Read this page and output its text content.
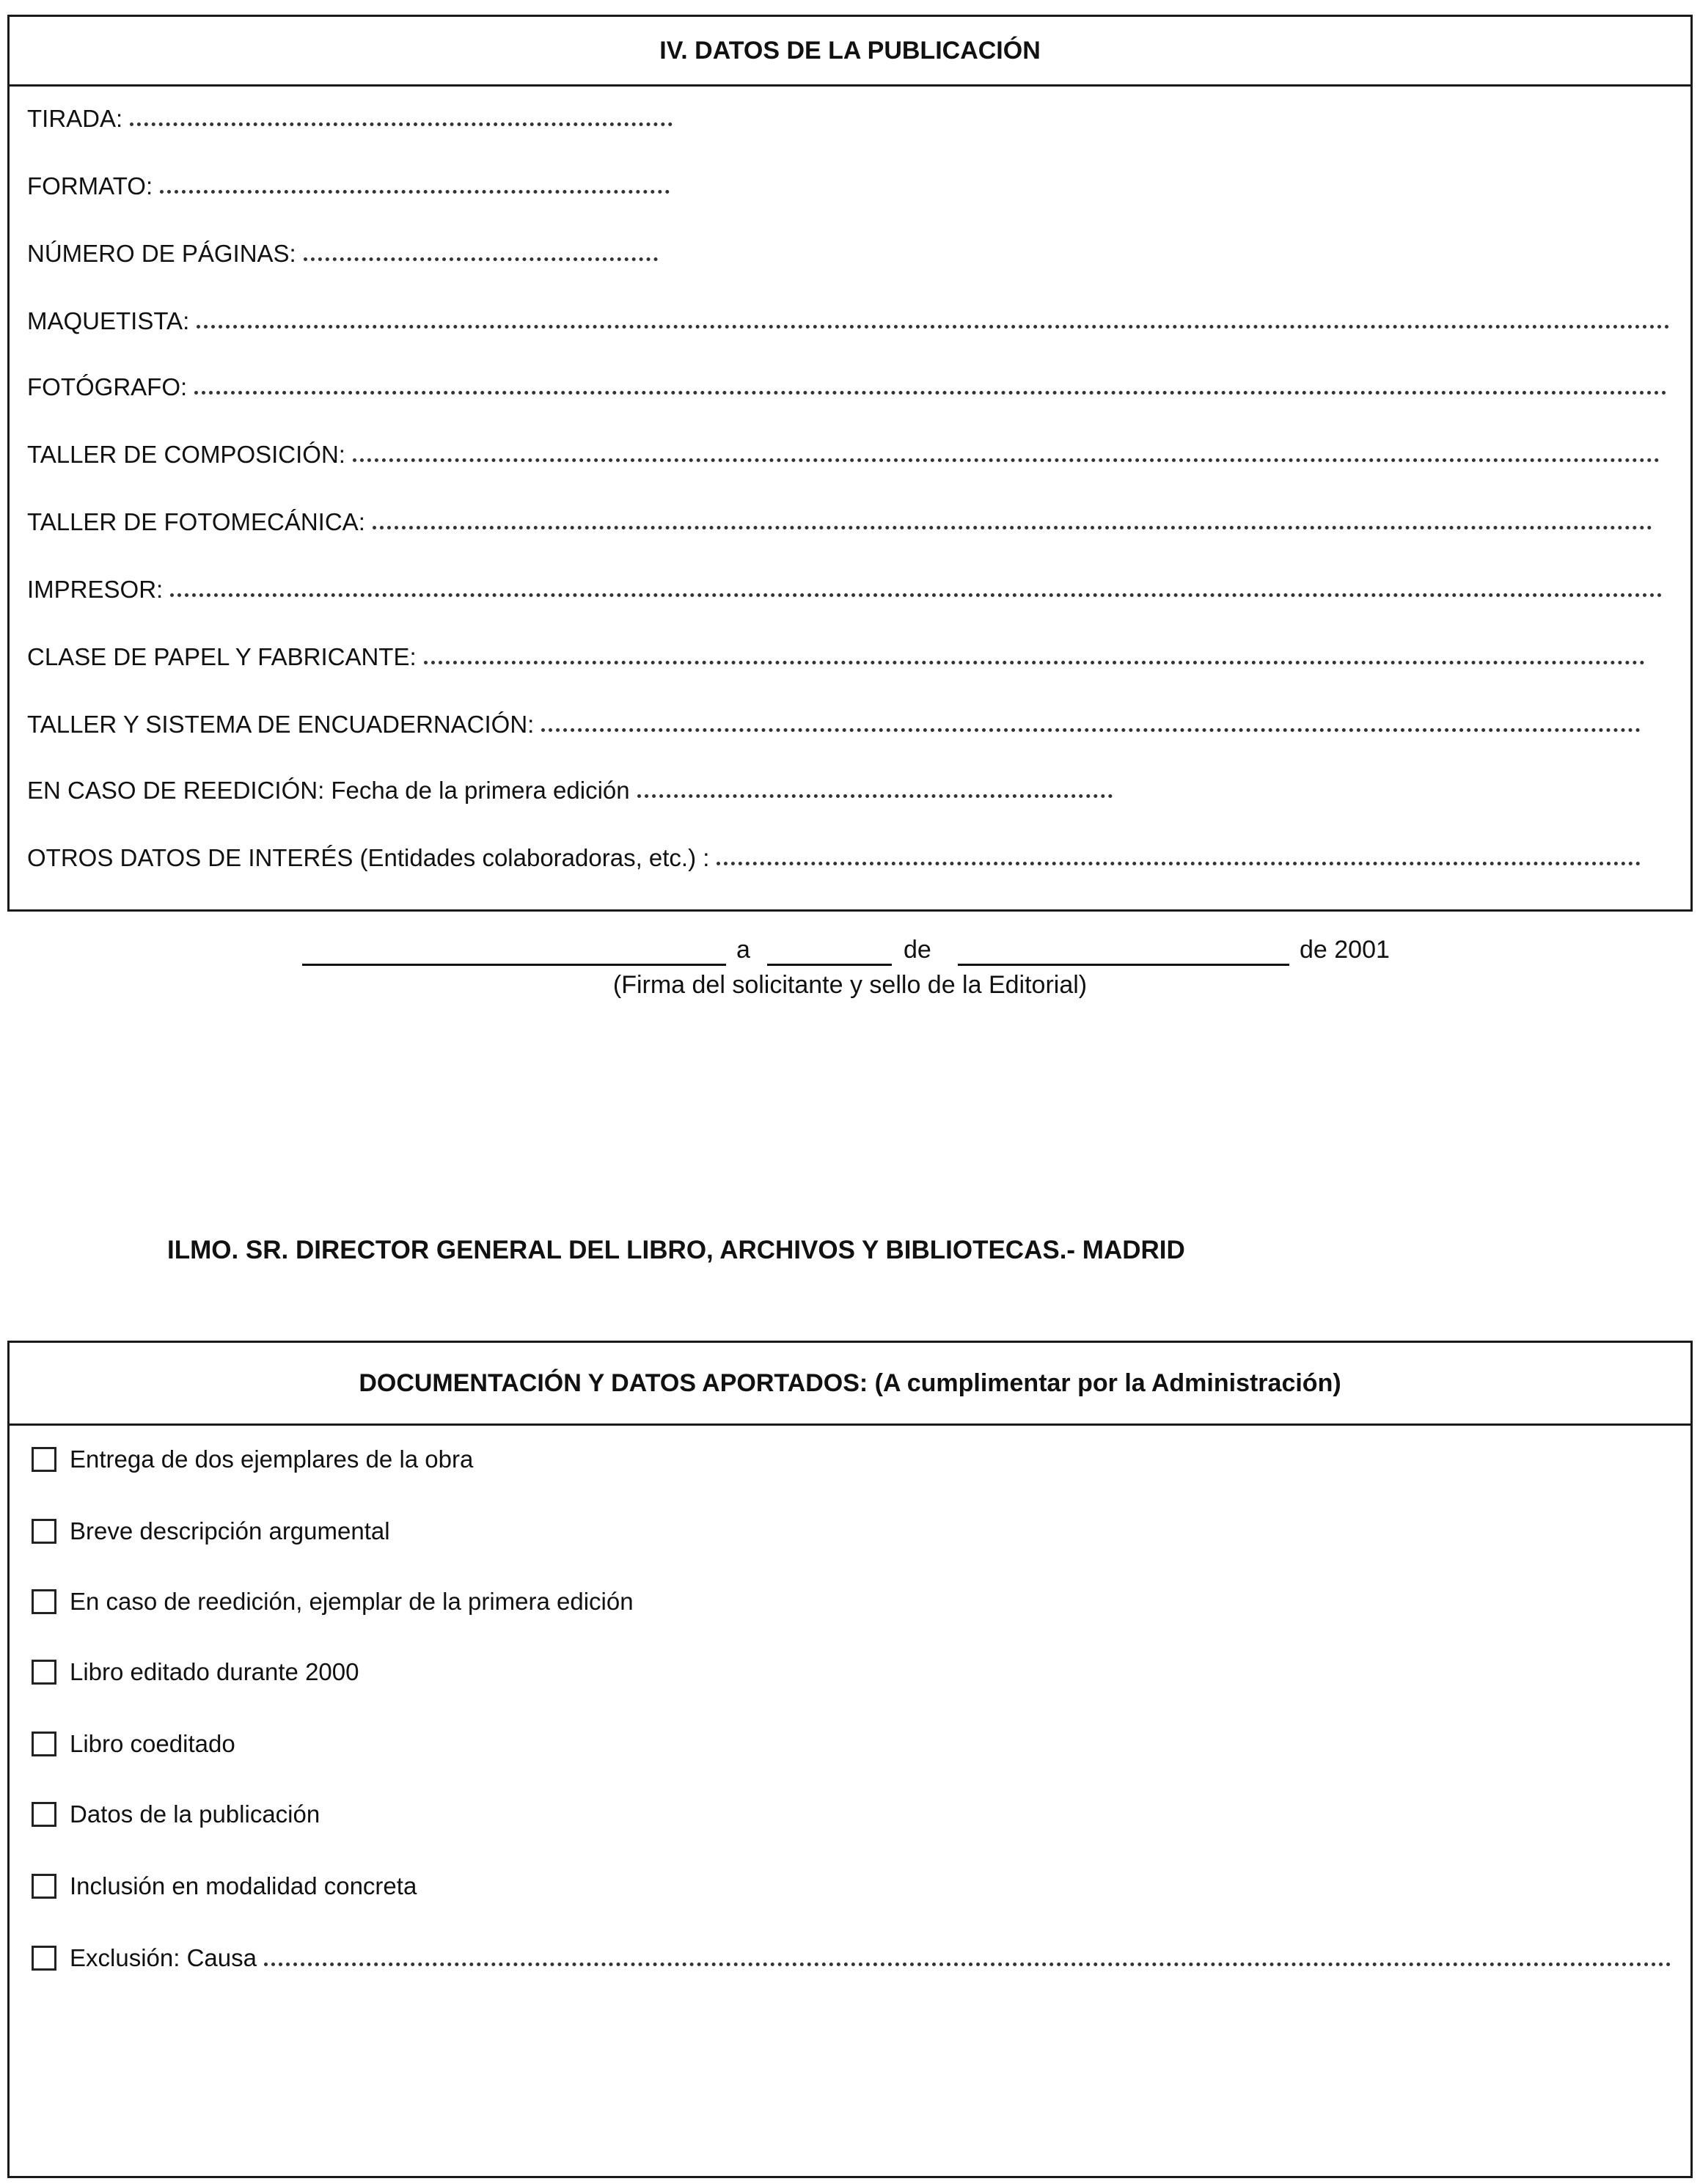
IV. DATOS DE LA PUBLICACIÓN
TIRADA:
FORMATO:
NÚMERO DE PÁGINAS:
MAQUETISTA:
FOTÓGRAFO:
TALLER DE COMPOSICIÓN:
TALLER DE FOTOMECÁNICA:
IMPRESOR:
CLASE DE PAPEL Y FABRICANTE:
TALLER Y SISTEMA DE ENCUADERNACIÓN:
EN CASO DE REEDICIÓN: Fecha de la primera edición
OTROS DATOS DE INTERÉS (Entidades colaboradoras, etc.) :
a	de	de 2001
(Firma del solicitante y sello de la Editorial)
ILMO. SR. DIRECTOR GENERAL DEL LIBRO, ARCHIVOS Y BIBLIOTECAS.- MADRID
DOCUMENTACIÓN Y DATOS APORTADOS: (A cumplimentar por la Administración)
Entrega de dos ejemplares de la obra
Breve descripción argumental
En caso de reedición, ejemplar de la primera edición
Libro editado durante 2000
Libro coeditado
Datos de la publicación
Inclusión en modalidad concreta
Exclusión: Causa
